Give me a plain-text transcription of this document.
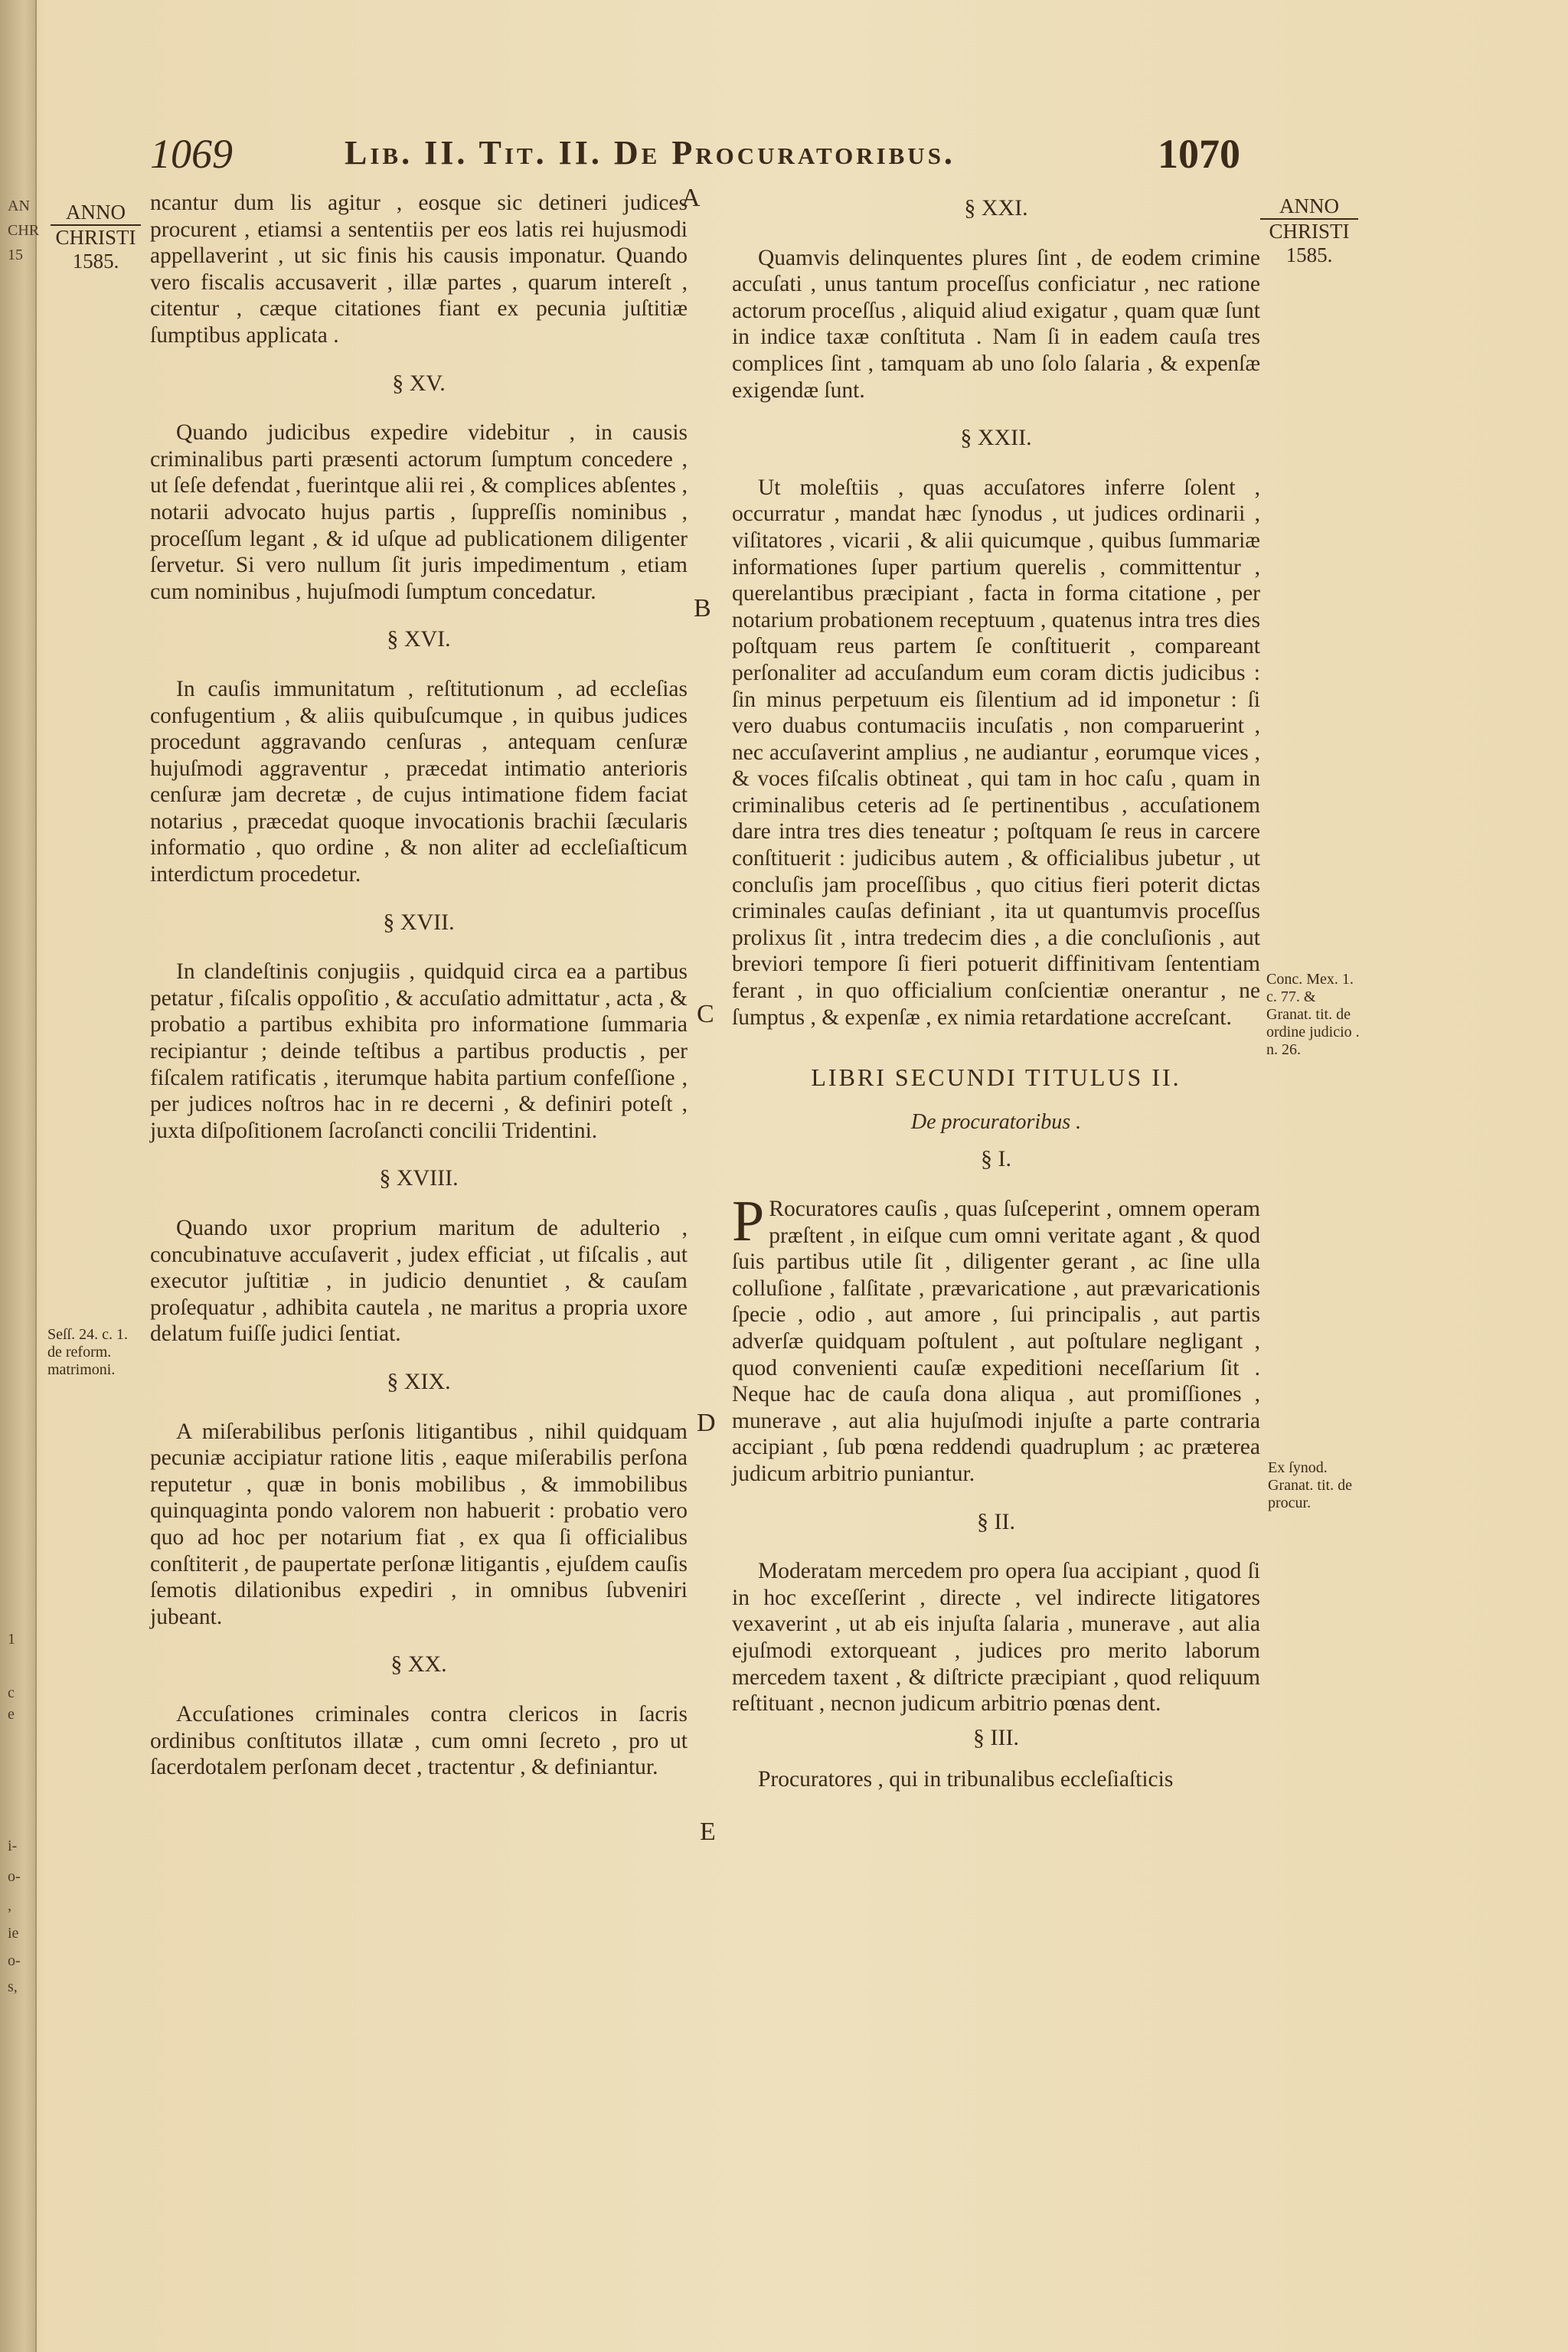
AN
CHR
15
1
c
e
i-
o-
,
ie
o-
s,
1069	Lib. II. Tit. II. De Procuratoribus.	1070
ANNO
CHRISTI
1585.
ANNO
CHRISTI
1585.

ncantur dum lis agitur , eosque sic detineri judices procurent , etiamsi a sententiis per eos latis rei hujusmodi appellaverint , ut sic finis his causis imponatur. Quando vero fiscalis accusaverit , illæ partes , quarum intereſt , citentur , cæque citationes fiant ex pecunia juſtitiæ ſumptibus applicata .

§ XV.

Quando judicibus expedire videbitur , in causis criminalibus parti præsenti actorum ſumptum concedere , ut ſeſe defendat , fuerintque alii rei , & complices abſentes , notarii advocato hujus partis , ſuppreſſis nominibus , proceſſum legant , & id uſque ad publicationem diligenter ſervetur. Si vero nullum ſit juris impedimentum , etiam cum nominibus , hujuſmodi ſumptum concedatur.

§ XVI.

In cauſis immunitatum , reſtitutionum , ad eccleſias confugentium , & aliis quibuſcumque , in quibus judices procedunt aggravando cenſuras , antequam cenſuræ hujuſmodi aggraventur , præcedat intimatio anterioris cenſuræ jam decretæ , de cujus intimatione fidem faciat notarius , præcedat quoque invocationis brachii ſæcularis informatio , quo ordine , & non aliter ad eccleſiaſticum interdictum procedetur.

§ XVII.

In clandeſtinis conjugiis , quidquid circa ea a partibus petatur , fiſcalis oppoſitio , & accuſatio admittatur , acta , & probatio a partibus exhibita pro informatione ſummaria recipiantur ; deinde teſtibus a partibus productis , per fiſcalem ratificatis , iterumque habita partium confeſſione , per judices noſtros hac in re decerni , & definiri poteſt , juxta diſpoſitionem ſacroſancti concilii Tridentini.

§ XVIII.

Quando uxor proprium maritum de adulterio , concubinatuve accuſaverit , judex efficiat , ut fiſcalis , aut executor juſtitiæ , in judicio denuntiet , & cauſam proſequatur , adhibita cautela , ne maritus a propria uxore delatum fuiſſe judici ſentiat.

§ XIX.

A miſerabilibus perſonis litigantibus , nihil quidquam pecuniæ accipiatur ratione litis , eaque miſerabilis perſona reputetur , quæ in bonis mobilibus , & immobilibus quinquaginta pondo valorem non habuerit : probatio vero quo ad hoc per notarium fiat , ex qua ſi officialibus conſtiterit , de paupertate perſonæ litigantis , ejuſdem cauſis ſemotis dilationibus expediri , in omnibus ſubveniri jubeant.

§ XX.

Accuſationes criminales contra clericos in ſacris ordinibus conſtitutos illatæ , cum omni ſecreto , pro ut ſacerdotalem perſonam decet , tractentur , & definiantur.

§ XXI.

Quamvis delinquentes plures ſint , de eodem crimine accuſati , unus tantum proceſſus conficiatur , nec ratione actorum proceſſus , aliquid aliud exigatur , quam quæ ſunt in indice taxæ conſtituta . Nam ſi in eadem cauſa tres complices ſint , tamquam ab uno ſolo ſalaria , & expenſæ exigendæ ſunt.

§ XXII.

Ut moleſtiis , quas accuſatores inferre ſolent , occurratur , mandat hæc ſynodus , ut judices ordinarii , viſitatores , vicarii , & alii quicumque , quibus ſummariæ informationes ſuper partium querelis , committentur , querelantibus præcipiant , facta in forma citatione , per notarium probationem receptuum , quatenus intra tres dies poſtquam reus partem ſe conſtituerit , compareant perſonaliter ad accuſandum eum coram dictis judicibus : ſin minus perpetuum eis ſilentium ad id imponetur : ſi vero duabus contumaciis incuſatis , non comparuerint , nec accuſaverint amplius , ne audiantur , eorumque vices , & voces fiſcalis obtineat , qui tam in hoc caſu , quam in criminalibus ceteris ad ſe pertinentibus , accuſationem dare intra tres dies teneatur ; poſtquam ſe reus in carcere conſtituerit : judicibus autem , & officialibus jubetur , ut concluſis jam proceſſibus , quo citius fieri poterit dictas criminales cauſas definiant , ita ut quantumvis proceſſus prolixus ſit , intra tredecim dies , a die concluſionis , aut breviori tempore ſi fieri potuerit diffinitivam ſententiam ferant , in quo officialium conſcientiæ onerantur , ne ſumptus , & expenſæ , ex nimia retardatione accreſcant.

LIBRI SECUNDI TITULUS II.
De procuratoribus .
§ I.

P Rocuratores cauſis , quas ſuſceperint , omnem operam præſtent , in eiſque cum omni veritate agant , & quod ſuis partibus utile ſit , diligenter gerant , ac ſine ulla colluſione , falſitate , prævaricatione , aut prævaricationis ſpecie , odio , aut amore , ſui principalis , aut partis adverſæ quidquam poſtulent , aut poſtulare negligant , quod convenienti cauſæ expeditioni neceſſarium ſit . Neque hac de cauſa dona aliqua , aut promiſſiones , munerave , aut alia hujuſmodi injuſte a parte contraria accipiant , ſub pœna reddendi quadruplum ; ac præterea judicum arbitrio puniantur.

§ II.

Moderatam mercedem pro opera ſua accipiant , quod ſi in hoc exceſſerint , directe , vel indirecte litigatores vexaverint , ut ab eis injuſta ſalaria , munerave , aut alia ejuſmodi extorqueant , judices pro merito laborum mercedem taxent , & diſtricte præcipiant , quod reliquum reſtituant , necnon judicum arbitrio pœnas dent.

§ III.

Procuratores , qui in tribunalibus eccleſiaſticis

A
B
C
D
E
Seſſ. 24. c. 1. de reform. matrimoni.
Conc. Mex. 1. c. 77. & Granat. tit. de ordine judicio . n. 26.
Ex ſynod. Granat. tit. de procur.
